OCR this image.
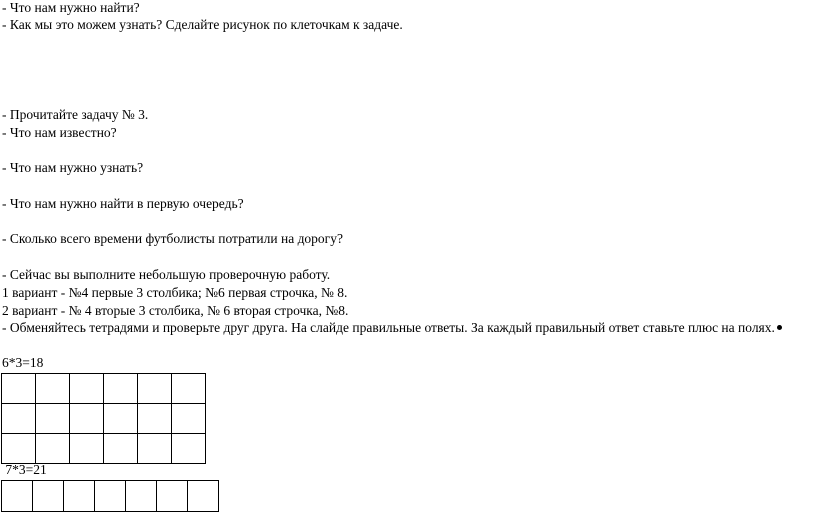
- Что нам нужно найти?
- Как мы это можем узнать? Сделайте рисунок по клеточкам к задаче.
- Прочитайте задачу № 3.
- Что нам известно?
- Что нам нужно узнать?
- Что нам нужно найти в первую очередь?
- Сколько всего времени футболисты потратили на дорогу?
- Сейчас вы выполните небольшую проверочную работу.
1 вариант - №4 первые 3 столбика; №6 первая строчка, № 8.
2 вариант - № 4 вторые 3 столбика, № 6 вторая строчка, №8.
- Обменяйтесь тетрадями и проверьте друг друга. На слайде правильные ответы. За каждый правильный ответ ставьте плюс на полях.
6*3=18

7*3=21
